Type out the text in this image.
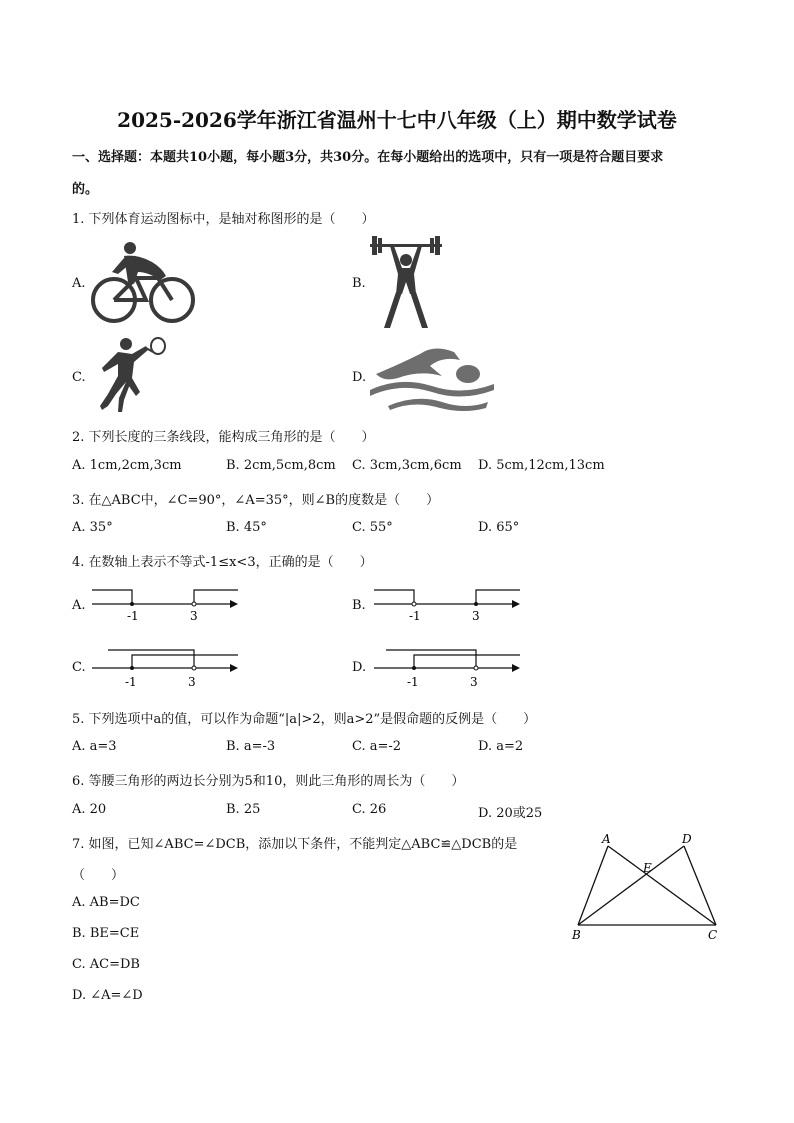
2025-2026学年浙江省温州十七中八年级（上）期中数学试卷
一、选择题：本题共10小题，每小题3分，共30分。在每小题给出的选项中，只有一项是符合题目要求
的。
1. 下列体育运动图标中，是轴对称图形的是（　　）
A.	B.
C.	D.
2. 下列长度的三条线段，能构成三角形的是（　　）
A. 1cm,2cm,3cm	B. 2cm,5cm,8cm C. 3cm,3cm,6cm D. 5cm,12cm,13cm
3. 在△ABC中，∠C=90°，∠A=35°，则∠B的度数是（　　）
A. 35°	B. 45°	C. 55°	D. 65°
4. 在数轴上表示不等式-1≤x<3，正确的是（　　）
A.	B.
C.	D.
-1	3	-1	3
-1	3	-1	3
5. 下列选项中a的值，可以作为命题“|a|>2，则a>2”是假命题的反例是（　　）
A. a=3	B. a=-3	C. a=-2	D. a=2
6. 等腰三角形的两边长分别为5和10，则此三角形的周长为（　　）
A. 20	B. 25	C. 26	D. 20或25
7. 如图，已知∠ABC=∠DCB，添加以下条件，不能判定△ABC≌△DCB的是
（　　）
A. AB=DC
B. BE=CE
C. AC=DB
D. ∠A=∠D
A	D
E
B	C
